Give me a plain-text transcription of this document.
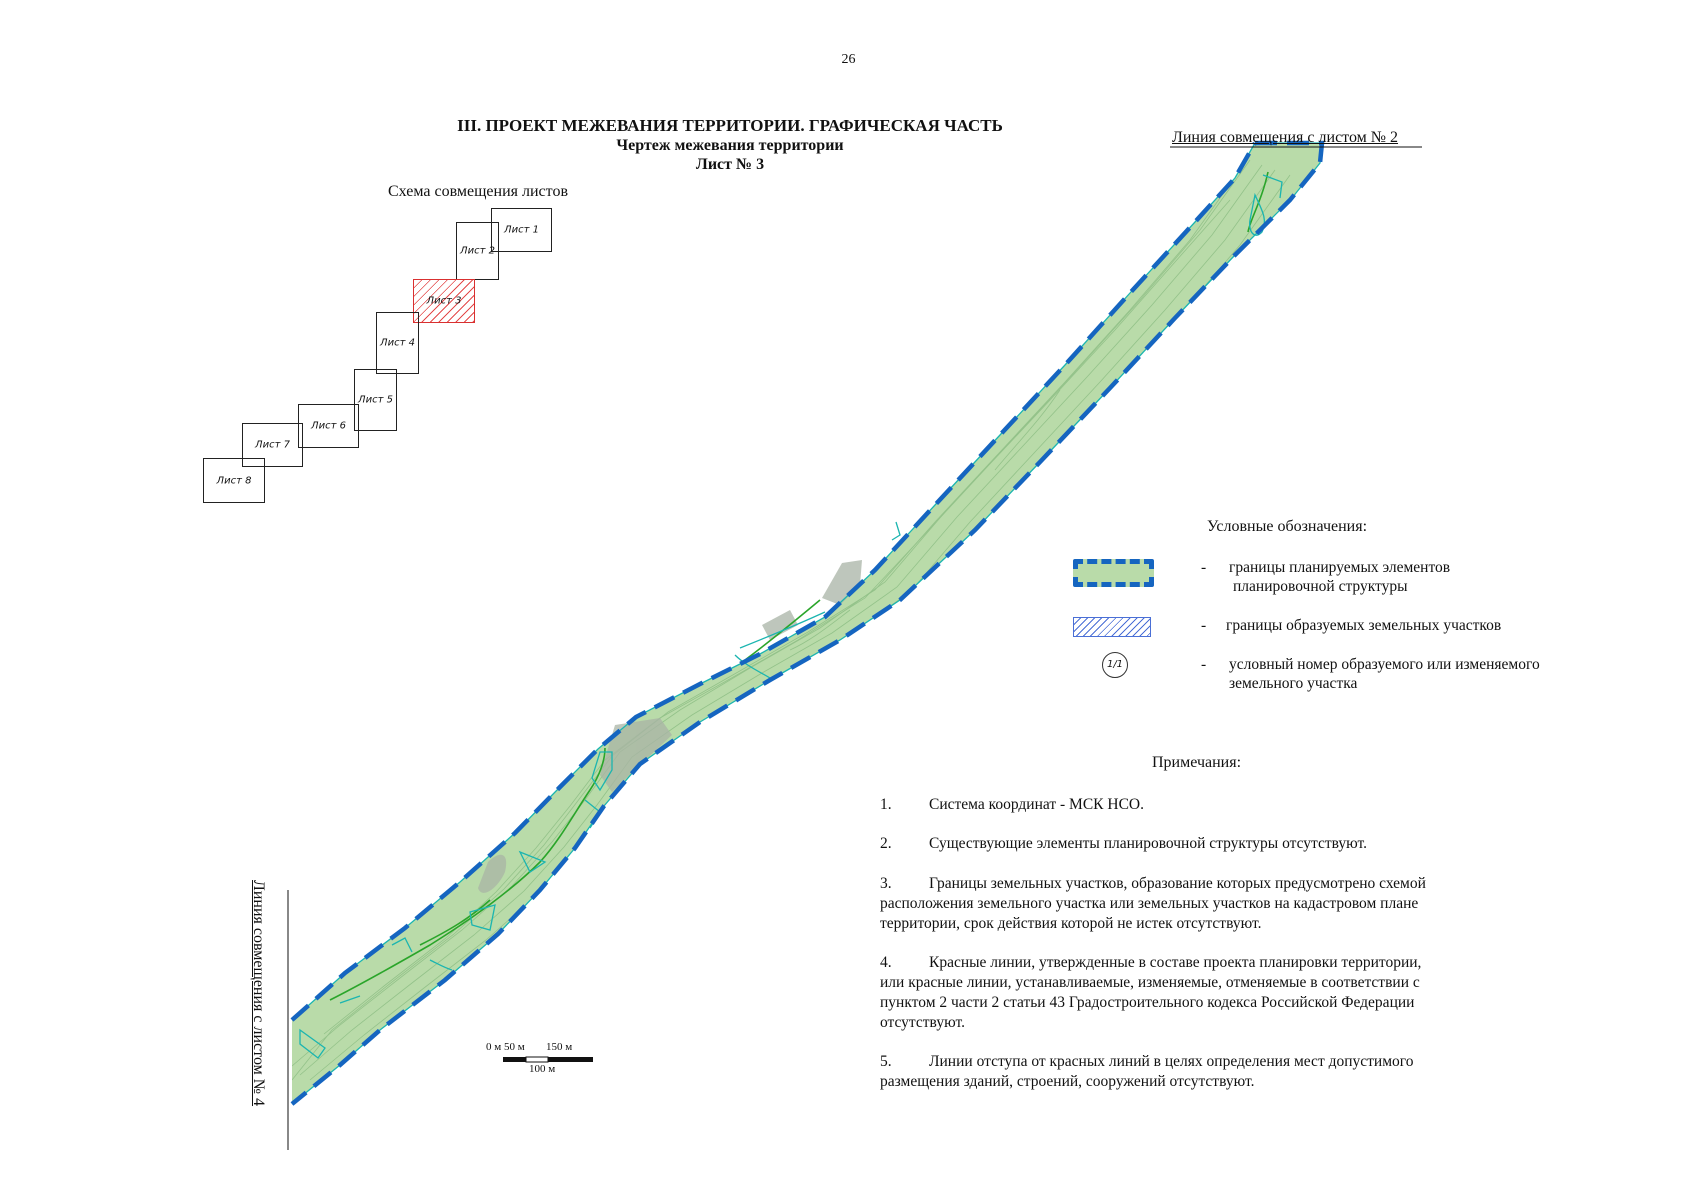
26
III. ПРОЕКТ МЕЖЕВАНИЯ ТЕРРИТОРИИ. ГРАФИЧЕСКАЯ ЧАСТЬ
Чертеж межевания территории
Лист № 3
Схема совмещения листов
Лист 1
Лист 2
Лист 3
Лист 4
Лист 5
Лист 6
Лист 7
Лист 8
Линия совмещения с листом № 2
Линия совмещения с листом № 4	0 м 50 м 150 м
100 м
Условные обозначения:
- границы планируемых элементов
планировочной структуры
- границы образуемых земельных участков
1/1	- условный номер образуемого или изменяемого
земельного участка
Примечания:
1. Система координат - МСК НСО.
2. Существующие элементы планировочной структуры отсутствуют.
3. Границы земельных участков, образование которых предусмотрено схемой
расположения земельного участка или земельных участков на кадастровом плане
территории, срок действия которой не истек отсутствуют.
4. Красные линии, утвержденные в составе проекта планировки территории,
или красные линии, устанавливаемые, изменяемые, отменяемые в соответствии с
пунктом 2 части 2 статьи 43 Градостроительного кодекса Российской Федерации
отсутствуют.
5. Линии отступа от красных линий в целях определения мест допустимого
размещения зданий, строений, сооружений отсутствуют.
